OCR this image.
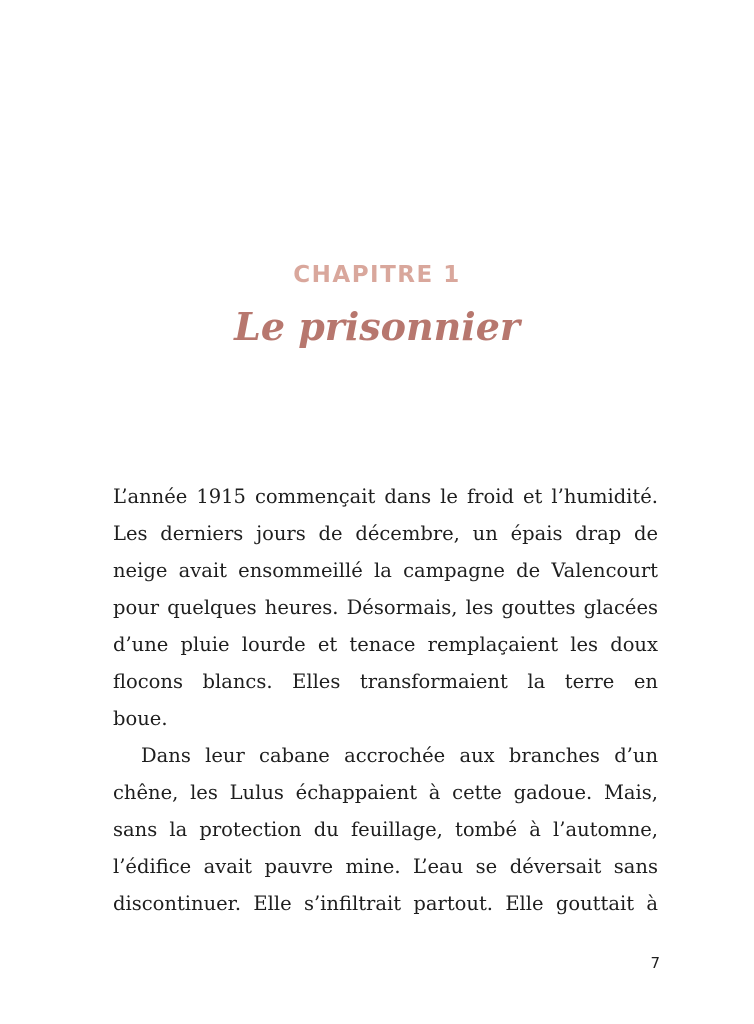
CHAPITRE 1
Le prisonnier
L’année 1915 commençait dans le froid et l’humidité.
Les derniers jours de décembre, un épais drap de
neige avait ensommeillé la campagne de Valencourt
pour quelques heures. Désormais, les gouttes glacées
d’une pluie lourde et tenace remplaçaient les doux
flocons blancs. Elles transformaient la terre en
boue.
Dans leur cabane accrochée aux branches d’un
chêne, les Lulus échappaient à cette gadoue. Mais,
sans la protection du feuillage, tombé à l’automne,
l’édifice avait pauvre mine. L’eau se déversait sans
discontinuer. Elle s’infiltrait partout. Elle gouttait à
7
